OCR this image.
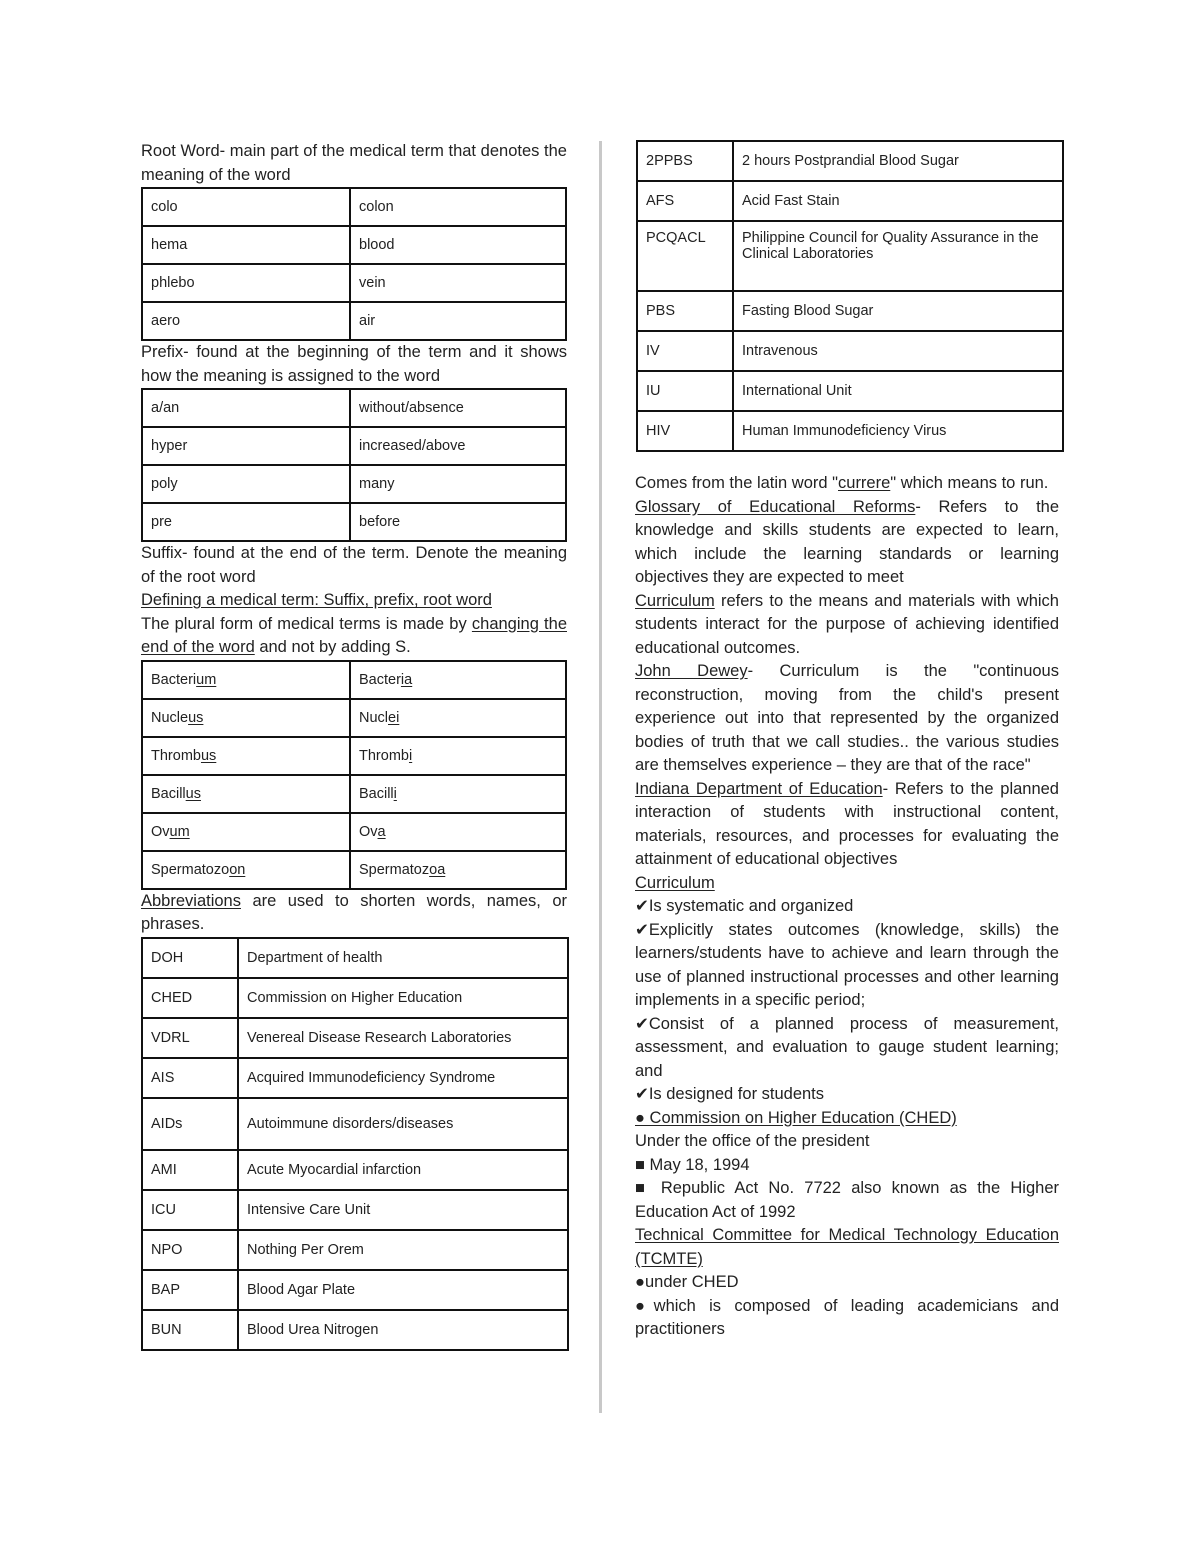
Root Word- main part of the medical term that denotes the meaning of the word

colo	colon
hema	blood
phlebo	vein
aero	air

Prefix- found at the beginning of the term and it shows how the meaning is assigned to the word

a/an	without/absence
hyper	increased/above
poly	many
pre	before

Suffix- found at the end of the term. Denote the meaning of the root word

Defining a medical term: Suffix, prefix, root word

The plural form of medical terms is made by changing the end of the word and not by adding S.

Bacterium	Bacteria
Nucleus	Nuclei
Thrombus	Thrombi
Bacillus	Bacilli
Ovum	Ova
Spermatozoon	Spermatozoa

Abbreviations are used to shorten words, names, or phrases.

DOH	Department of health
CHED	Commission on Higher Education
VDRL	Venereal Disease Research Laboratories
AIS	Acquired Immunodeficiency Syndrome
AIDs	Autoimmune disorders/diseases
AMI	Acute Myocardial infarction
ICU	Intensive Care Unit
NPO	Nothing Per Orem
BAP	Blood Agar Plate
BUN	Blood Urea Nitrogen
2PPBS	2 hours Postprandial Blood Sugar
AFS	Acid Fast Stain
PCQACL	Philippine Council for Quality Assurance in the Clinical Laboratories
PBS	Fasting Blood Sugar
IV	Intravenous
IU	International Unit
HIV	Human Immunodeficiency Virus

Comes from the latin word "currere" which means to run.

Glossary of Educational Reforms- Refers to the knowledge and skills students are expected to learn, which include the learning standards or learning objectives they are expected to meet

Curriculum refers to the means and materials with which students interact for the purpose of achieving identified educational outcomes.

John Dewey- Curriculum is the "continuous reconstruction, moving from the child's present experience out into that represented by the organized bodies of truth that we call studies.. the various studies are themselves experience – they are that of the race"

Indiana Department of Education- Refers to the planned interaction of students with instructional content, materials, resources, and processes for evaluating the attainment of educational objectives

Curriculum

✔Is systematic and organized

✔Explicitly states outcomes (knowledge, skills) the learners/students have to achieve and learn through the use of planned instructional processes and other learning implements in a specific period;

✔Consist of a planned process of measurement, assessment, and evaluation to gauge student learning; and

✔Is designed for students

● Commission on Higher Education (CHED)

Under the office of the president

■ May 18, 1994

■ Republic Act No. 7722 also known as the Higher Education Act of 1992

Technical Committee for Medical Technology Education (TCMTE)

●under CHED

●which is composed of leading academicians and practitioners
